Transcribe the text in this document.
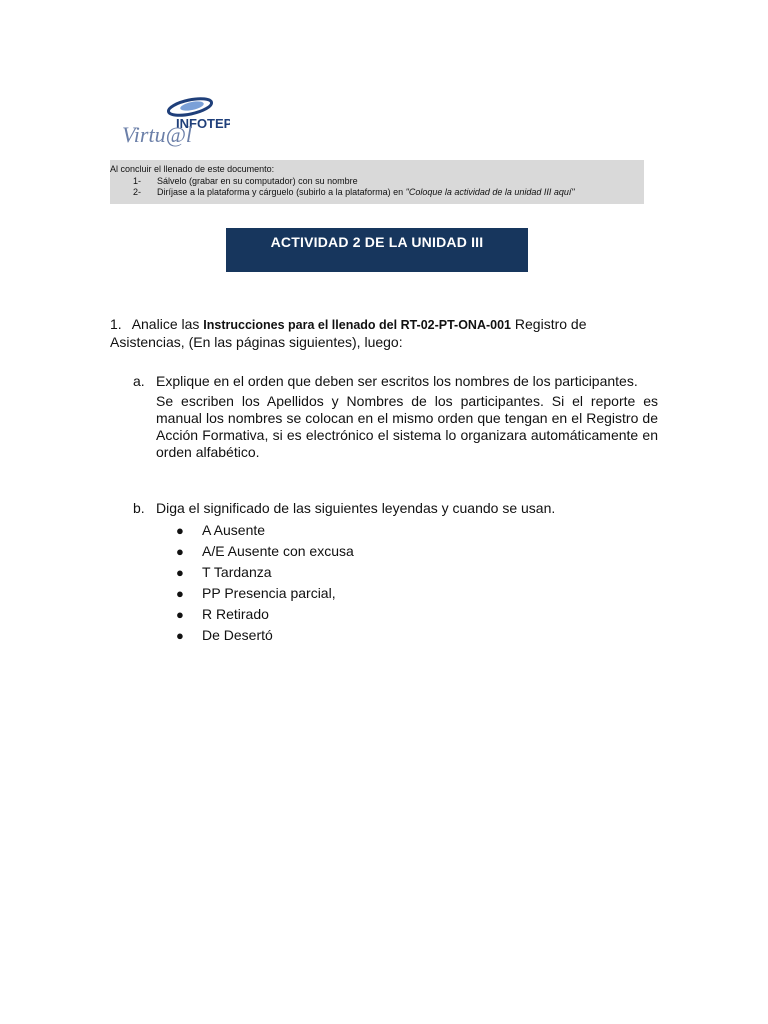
INFOTEP
Virtu@l
Al concluir el llenado de este documento:
1- Sálvelo (grabar en su computador) con su nombre
2- Diríjase a la plataforma y cárguelo (subirlo a la plataforma) en "Coloque la actividad de la unidad III aquí"
ACTIVIDAD 2 DE LA UNIDAD III
1. Analice las Instrucciones para el llenado del RT-02-PT-ONA-001 Registro de Asistencias, (En las páginas siguientes), luego:
a. Explique en el orden que deben ser escritos los nombres de los participantes.
Se escriben los Apellidos y Nombres de los participantes. Si el reporte es manual los nombres se colocan en el mismo orden que tengan en el Registro de Acción Formativa, si es electrónico el sistema lo organizara automáticamente en orden alfabético.
b. Diga el significado de las siguientes leyendas y cuando se usan.
● A Ausente
● A/E Ausente con excusa
● T Tardanza
● PP Presencia parcial,
● R Retirado
● De Desertó
